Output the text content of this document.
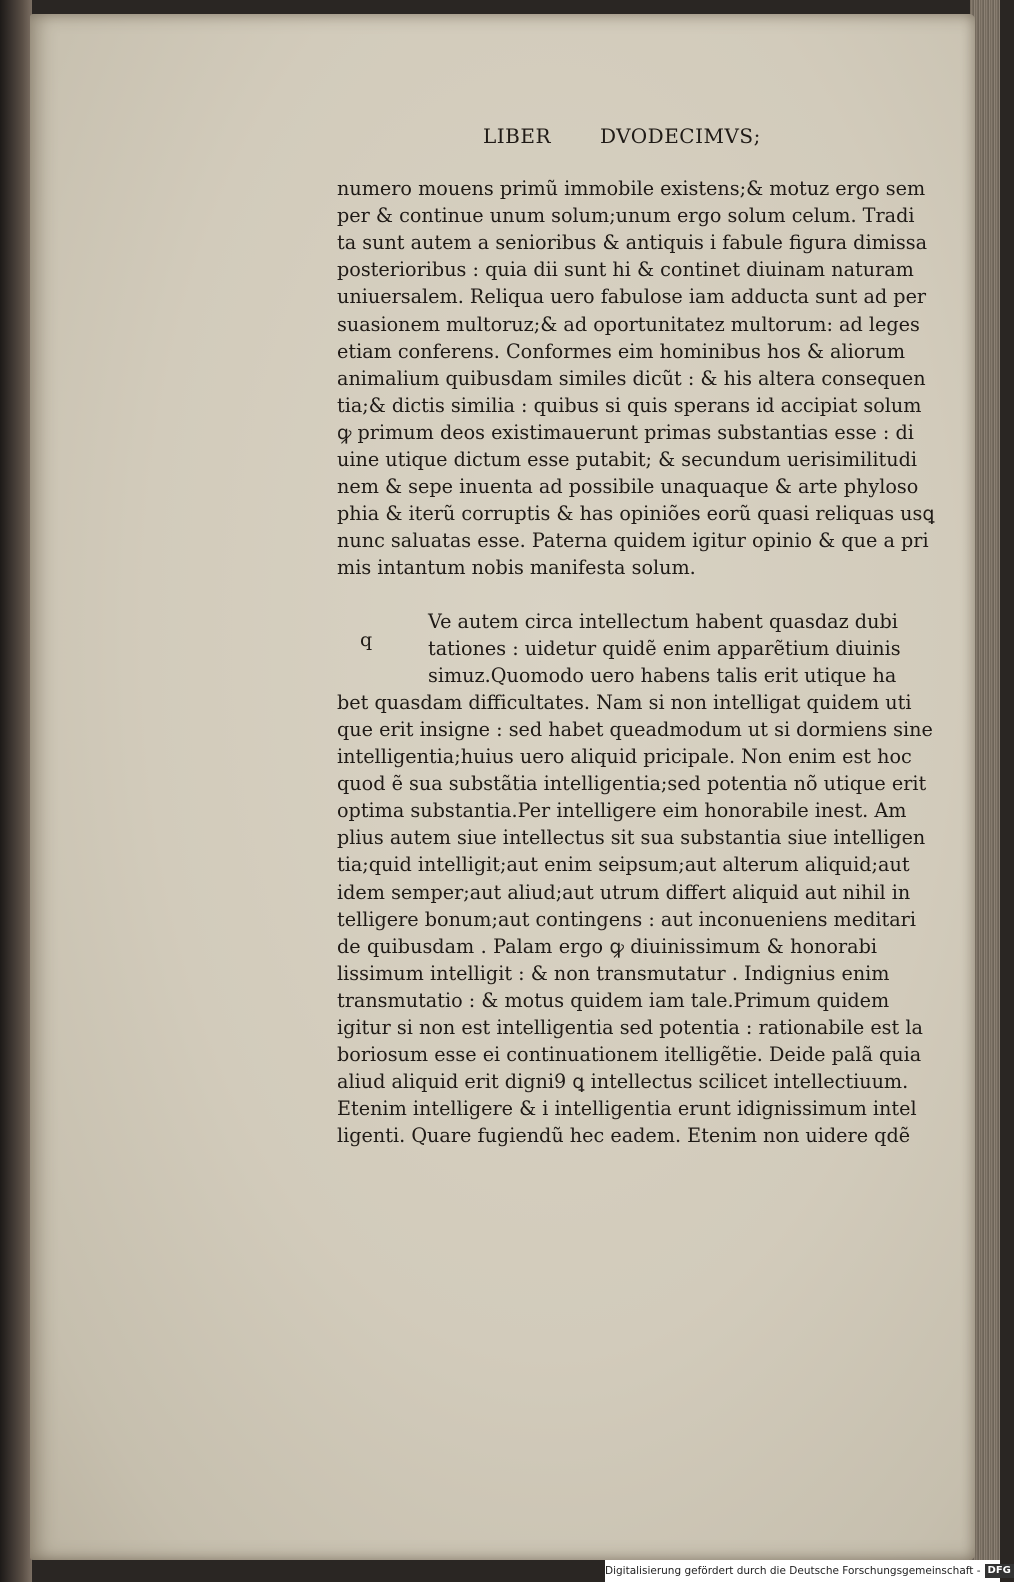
LIBER DVODECIMVS;
numero mouens primũ immobile existens;& motuz ergo sem
per & continue unum solum;unum ergo solum celum. Tradi
ta sunt autem a senioribus & antiquis i fabule figura dimissa
posterioribus : quia dii sunt hi & continet diuinam naturam
uniuersalem. Reliqua uero fabulose iam adducta sunt ad per
suasionem multoruz;& ad oportunitatez multorum: ad leges
etiam conferens. Conformes eim hominibus hos & aliorum
animalium quibusdam similes dicũt : & his altera consequen
tia;& dictis similia : quibus si quis sperans id accipiat solum
ꝙ primum deos existimauerunt primas substantias esse : di
uine utique dictum esse putabit; & secundum uerisimilitudi
nem & sepe inuenta ad possibile unaquaque & arte phyloso
phia & iterũ corruptis & has opiniões eorũ quasi reliquas usꝗ
nunc saluatas esse. Paterna quidem igitur opinio & que a pri
mis intantum nobis manifesta solum.
Ve autem circa intellectum habent quasdaz dubi
tationes : uidetur quidẽ enim apparẽtium diuinis
simuz.Quomodo uero habens talis erit utique ha
bet quasdam difficultates. Nam si non intelligat quidem uti
que erit insigne : sed habet queadmodum ut si dormiens sine
intelligentia;huius uero aliquid pricipale. Non enim est hoc
quod ẽ sua substãtia intelligentia;sed potentia nõ utique erit
optima substantia.Per intelligere eim honorabile inest. Am
plius autem siue intellectus sit sua substantia siue intelligen
tia;quid intelligit;aut enim seipsum;aut alterum aliquid;aut
idem semper;aut aliud;aut utrum differt aliquid aut nihil in
telligere bonum;aut contingens : aut inconueniens meditari
de quibusdam . Palam ergo ꝙ diuinissimum & honorabi
lissimum intelligit : & non transmutatur . Indignius enim
transmutatio : & motus quidem iam tale.Primum quidem
igitur si non est intelligentia sed potentia : rationabile est la
boriosum esse ei continuationem itelligẽtie. Deide palã quia
aliud aliquid erit digni9 ꝗ intellectus scilicet intellectiuum.
Etenim intelligere & i intelligentia erunt idignissimum intel
ligenti. Quare fugiendũ hec eadem. Etenim non uidere qdẽ
q
Digitalisierung gefördert durch die Deutsche Forschungsgemeinschaft - DFG
